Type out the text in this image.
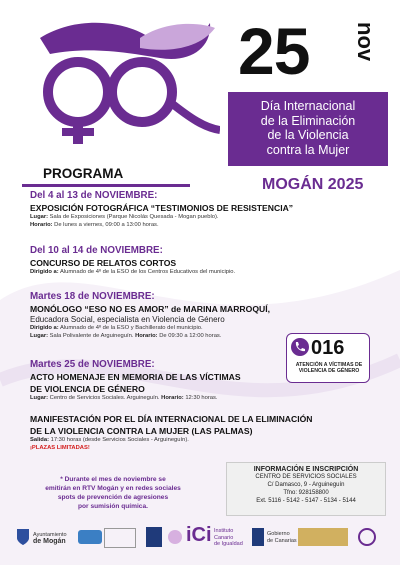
25 nov
Día Internacional
de la Eliminación
de la Violencia
contra la Mujer
PROGRAMA
MOGÁN 2025
Del 4 al 13 de NOVIEMBRE:
EXPOSICIÓN FOTOGRÁFICA “TESTIMONIOS DE RESISTENCIA”
Lugar: Sala de Exposiciones (Parque Nicolás Quesada - Mogan pueblo).
Horario: De lunes a viernes, 09:00 a 13:00 horas.
Del 10 al 14 de NOVIEMBRE:
CONCURSO DE RELATOS CORTOS
Dirigido a: Alumnado de 4º de la ESO de los Centros Educativos del municipio.
Martes 18 de NOVIEMBRE:
MONÓLOGO “ESO NO ES AMOR” de MARINA MARROQUÍ,
Educadora Social, especialista en Violencia de Género
Dirigido a: Alumnado de 4º de la ESO y Bachillerato del municipio.
Lugar: Sala Polivalente de Arguineguín. Horario: De 09:30 a 12:00 horas.
Martes 25 de NOVIEMBRE:
ACTO HOMENAJE EN MEMORIA DE LAS VÍCTIMAS
DE VIOLENCIA DE GÉNERO
Lugar: Centro de Servicios Sociales. Arguineguín. Horario: 12:30 horas.
MANIFESTACIÓN POR EL DÍA INTERNACIONAL DE LA ELIMINACIÓN
DE LA VIOLENCIA CONTRA LA MUJER (LAS PALMAS)
Salida: 17:30 horas (desde Servicios Sociales - Arguineguín).
¡PLAZAS LIMITADAS!
016
ATENCIÓN A VÍCTIMAS DE VIOLENCIA DE GÉNERO
* Durante el mes de noviembre se
emitirán en RTV Mogán y en redes sociales
spots de prevención de agresiones
por sumisión química.
INFORMACIÓN E INSCRIPCIÓN
CENTRO DE SERVICIOS SOCIALES
C/ Damasco, 9 - Arguineguín
Tfno: 928158800
Ext. 5116 - 5142 - 5147 - 5134 - 5144
Ayuntamiento
de Mogán	iCi Instituto
Canario
de Igualdad
Gobierno
de Canarias
